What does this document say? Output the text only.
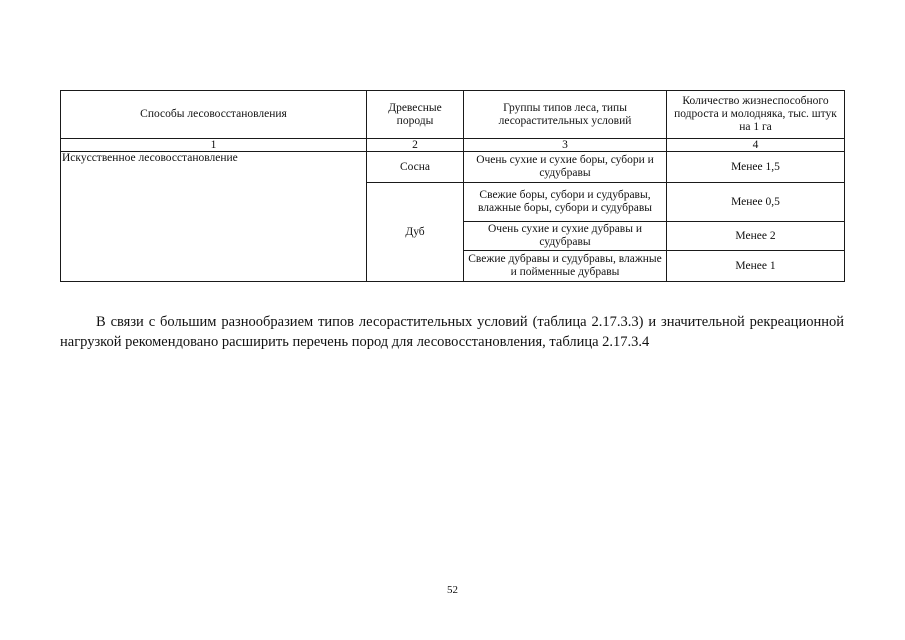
Способы лесовосстановления	Древесные породы	Группы типов леса, типы лесорастительных условий	Количество жизнеспособного подроста и молодняка, тыс. штук на 1 га
1	2	3	4
Искусственное лесовосстановление	Сосна	Очень сухие и сухие боры, субори и судубравы	Менее 1,5
	Дуб	Свежие боры, субори и судубравы, влажные боры, субори и судубравы	Менее 0,5
		Очень сухие и сухие дубравы и судубравы	Менее 2
		Свежие дубравы и судубравы, влажные и пойменные дубравы	Менее 1

В связи с большим разнообразием типов лесорастительных условий (таблица 2.17.3.3) и значительной рекреационной нагрузкой рекомендовано расширить перечень пород для лесовосстановления, таблица 2.17.3.4

52
